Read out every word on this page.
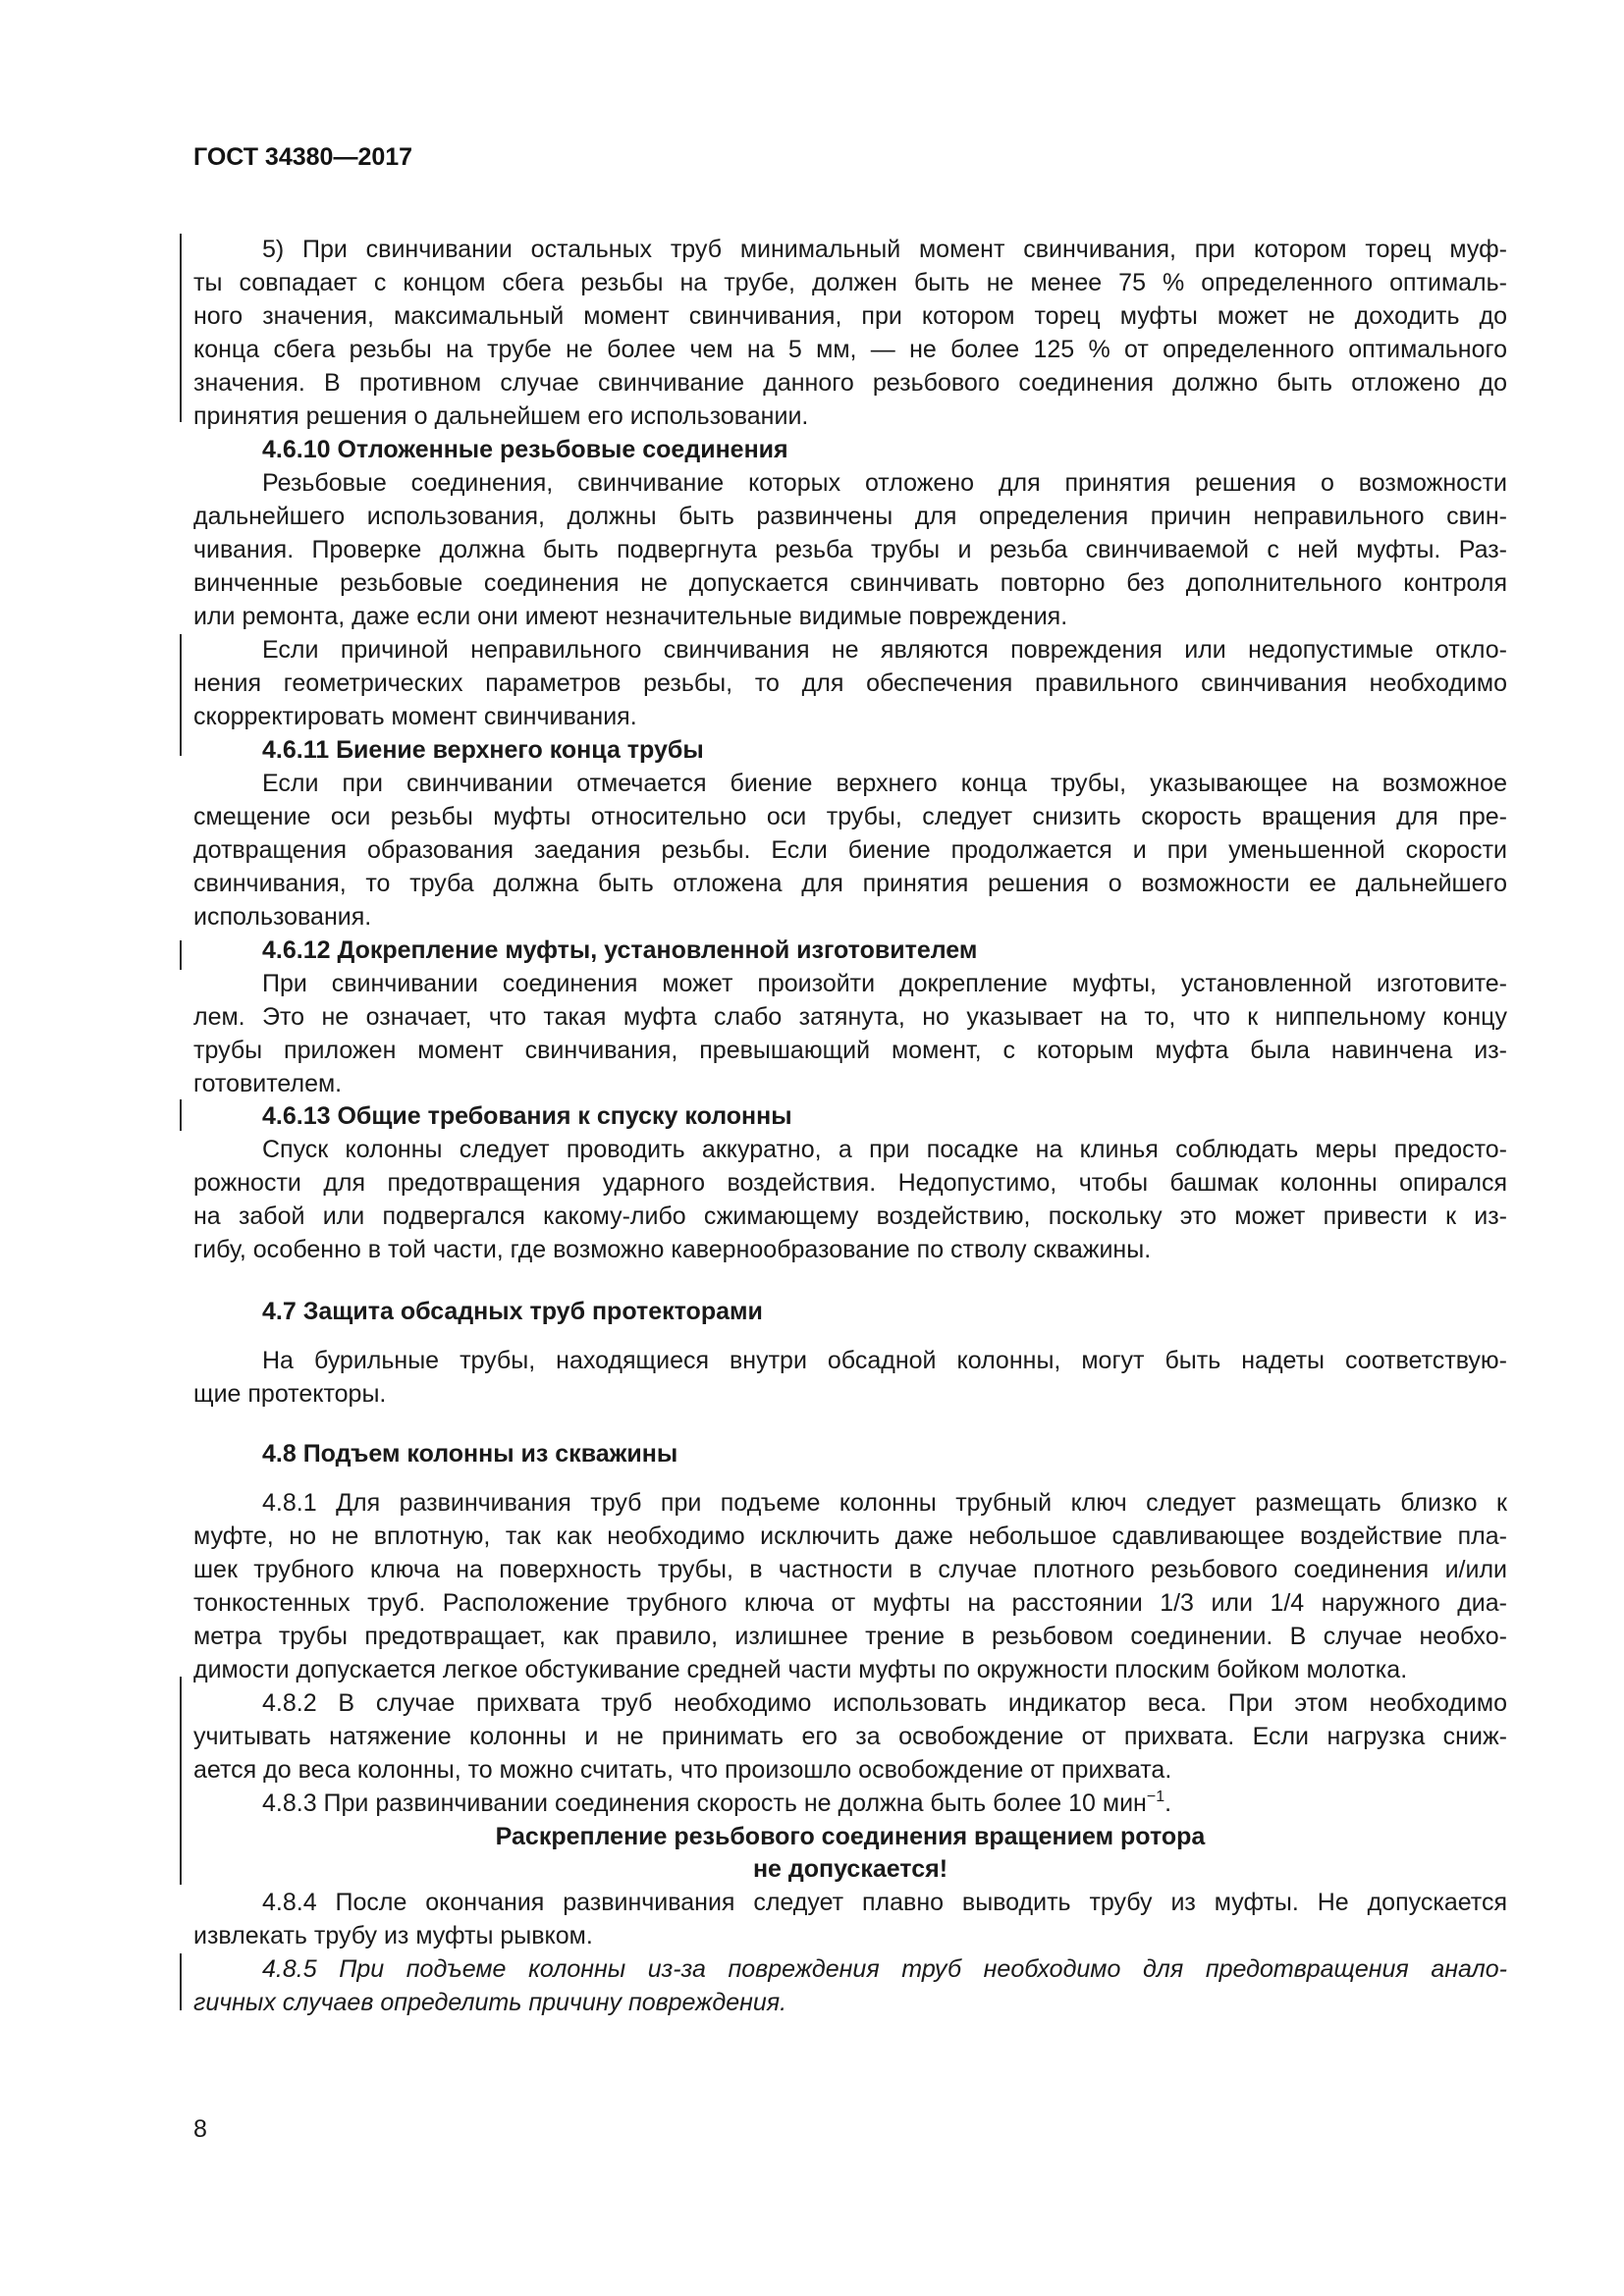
ГОСТ 34380—2017
5) При свинчивании остальных труб минимальный момент свинчивания, при котором торец муф-
ты совпадает с концом сбега резьбы на трубе, должен быть не менее 75 % определенного оптималь-
ного значения, максимальный момент свинчивания, при котором торец муфты может не доходить до
конца сбега резьбы на трубе не более чем на 5 мм, — не более 125 % от определенного оптимального
значения. В противном случае свинчивание данного резьбового соединения должно быть отложено до
принятия решения о дальнейшем его использовании.
4.6.10 Отложенные резьбовые соединения
Резьбовые соединения, свинчивание которых отложено для принятия решения о возможности
дальнейшего использования, должны быть развинчены для определения причин неправильного свин-
чивания. Проверке должна быть подвергнута резьба трубы и резьба свинчиваемой с ней муфты. Раз-
винченные резьбовые соединения не допускается свинчивать повторно без дополнительного контроля
или ремонта, даже если они имеют незначительные видимые повреждения.
Если причиной неправильного свинчивания не являются повреждения или недопустимые откло-
нения геометрических параметров резьбы, то для обеспечения правильного свинчивания необходимо
скорректировать момент свинчивания.
4.6.11 Биение верхнего конца трубы
Если при свинчивании отмечается биение верхнего конца трубы, указывающее на возможное
смещение оси резьбы муфты относительно оси трубы, следует снизить скорость вращения для пре-
дотвращения образования заедания резьбы. Если биение продолжается и при уменьшенной скорости
свинчивания, то труба должна быть отложена для принятия решения о возможности ее дальнейшего
использования.
4.6.12 Докрепление муфты, установленной изготовителем
При свинчивании соединения может произойти докрепление муфты, установленной изготовите-
лем. Это не означает, что такая муфта слабо затянута, но указывает на то, что к ниппельному концу
трубы приложен момент свинчивания, превышающий момент, с которым муфта была навинчена из-
готовителем.
4.6.13 Общие требования к спуску колонны
Спуск колонны следует проводить аккуратно, а при посадке на клинья соблюдать меры предосто-
рожности для предотвращения ударного воздействия. Недопустимо, чтобы башмак колонны опирался
на забой или подвергался какому-либо сжимающему воздействию, поскольку это может привести к из-
гибу, особенно в той части, где возможно кавернообразование по стволу скважины.
4.7 Защита обсадных труб протекторами
На бурильные трубы, находящиеся внутри обсадной колонны, могут быть надеты соответствую-
щие протекторы.
4.8 Подъем колонны из скважины
4.8.1 Для развинчивания труб при подъеме колонны трубный ключ следует размещать близко к
муфте, но не вплотную, так как необходимо исключить даже небольшое сдавливающее воздействие пла-
шек трубного ключа на поверхность трубы, в частности в случае плотного резьбового соединения и/или
тонкостенных труб. Расположение трубного ключа от муфты на расстоянии 1/3 или 1/4 наружного диа-
метра трубы предотвращает, как правило, излишнее трение в резьбовом соединении. В случае необхо-
димости допускается легкое обстукивание средней части муфты по окружности плоским бойком молотка.
4.8.2 В случае прихвата труб необходимо использовать индикатор веса. При этом необходимо
учитывать натяжение колонны и не принимать его за освобождение от прихвата. Если нагрузка сниж-
ается до веса колонны, то можно считать, что произошло освобождение от прихвата.
4.8.3 При развинчивании соединения скорость не должна быть более 10 мин$^{-1}$.
Раскрепление резьбового соединения вращением ротора
не допускается!
4.8.4 После окончания развинчивания следует плавно выводить трубу из муфты. Не допускается
извлекать трубу из муфты рывком.
4.8.5 При подъеме колонны из-за повреждения труб необходимо для предотвращения анало-
гичных случаев определить причину повреждения.
8
